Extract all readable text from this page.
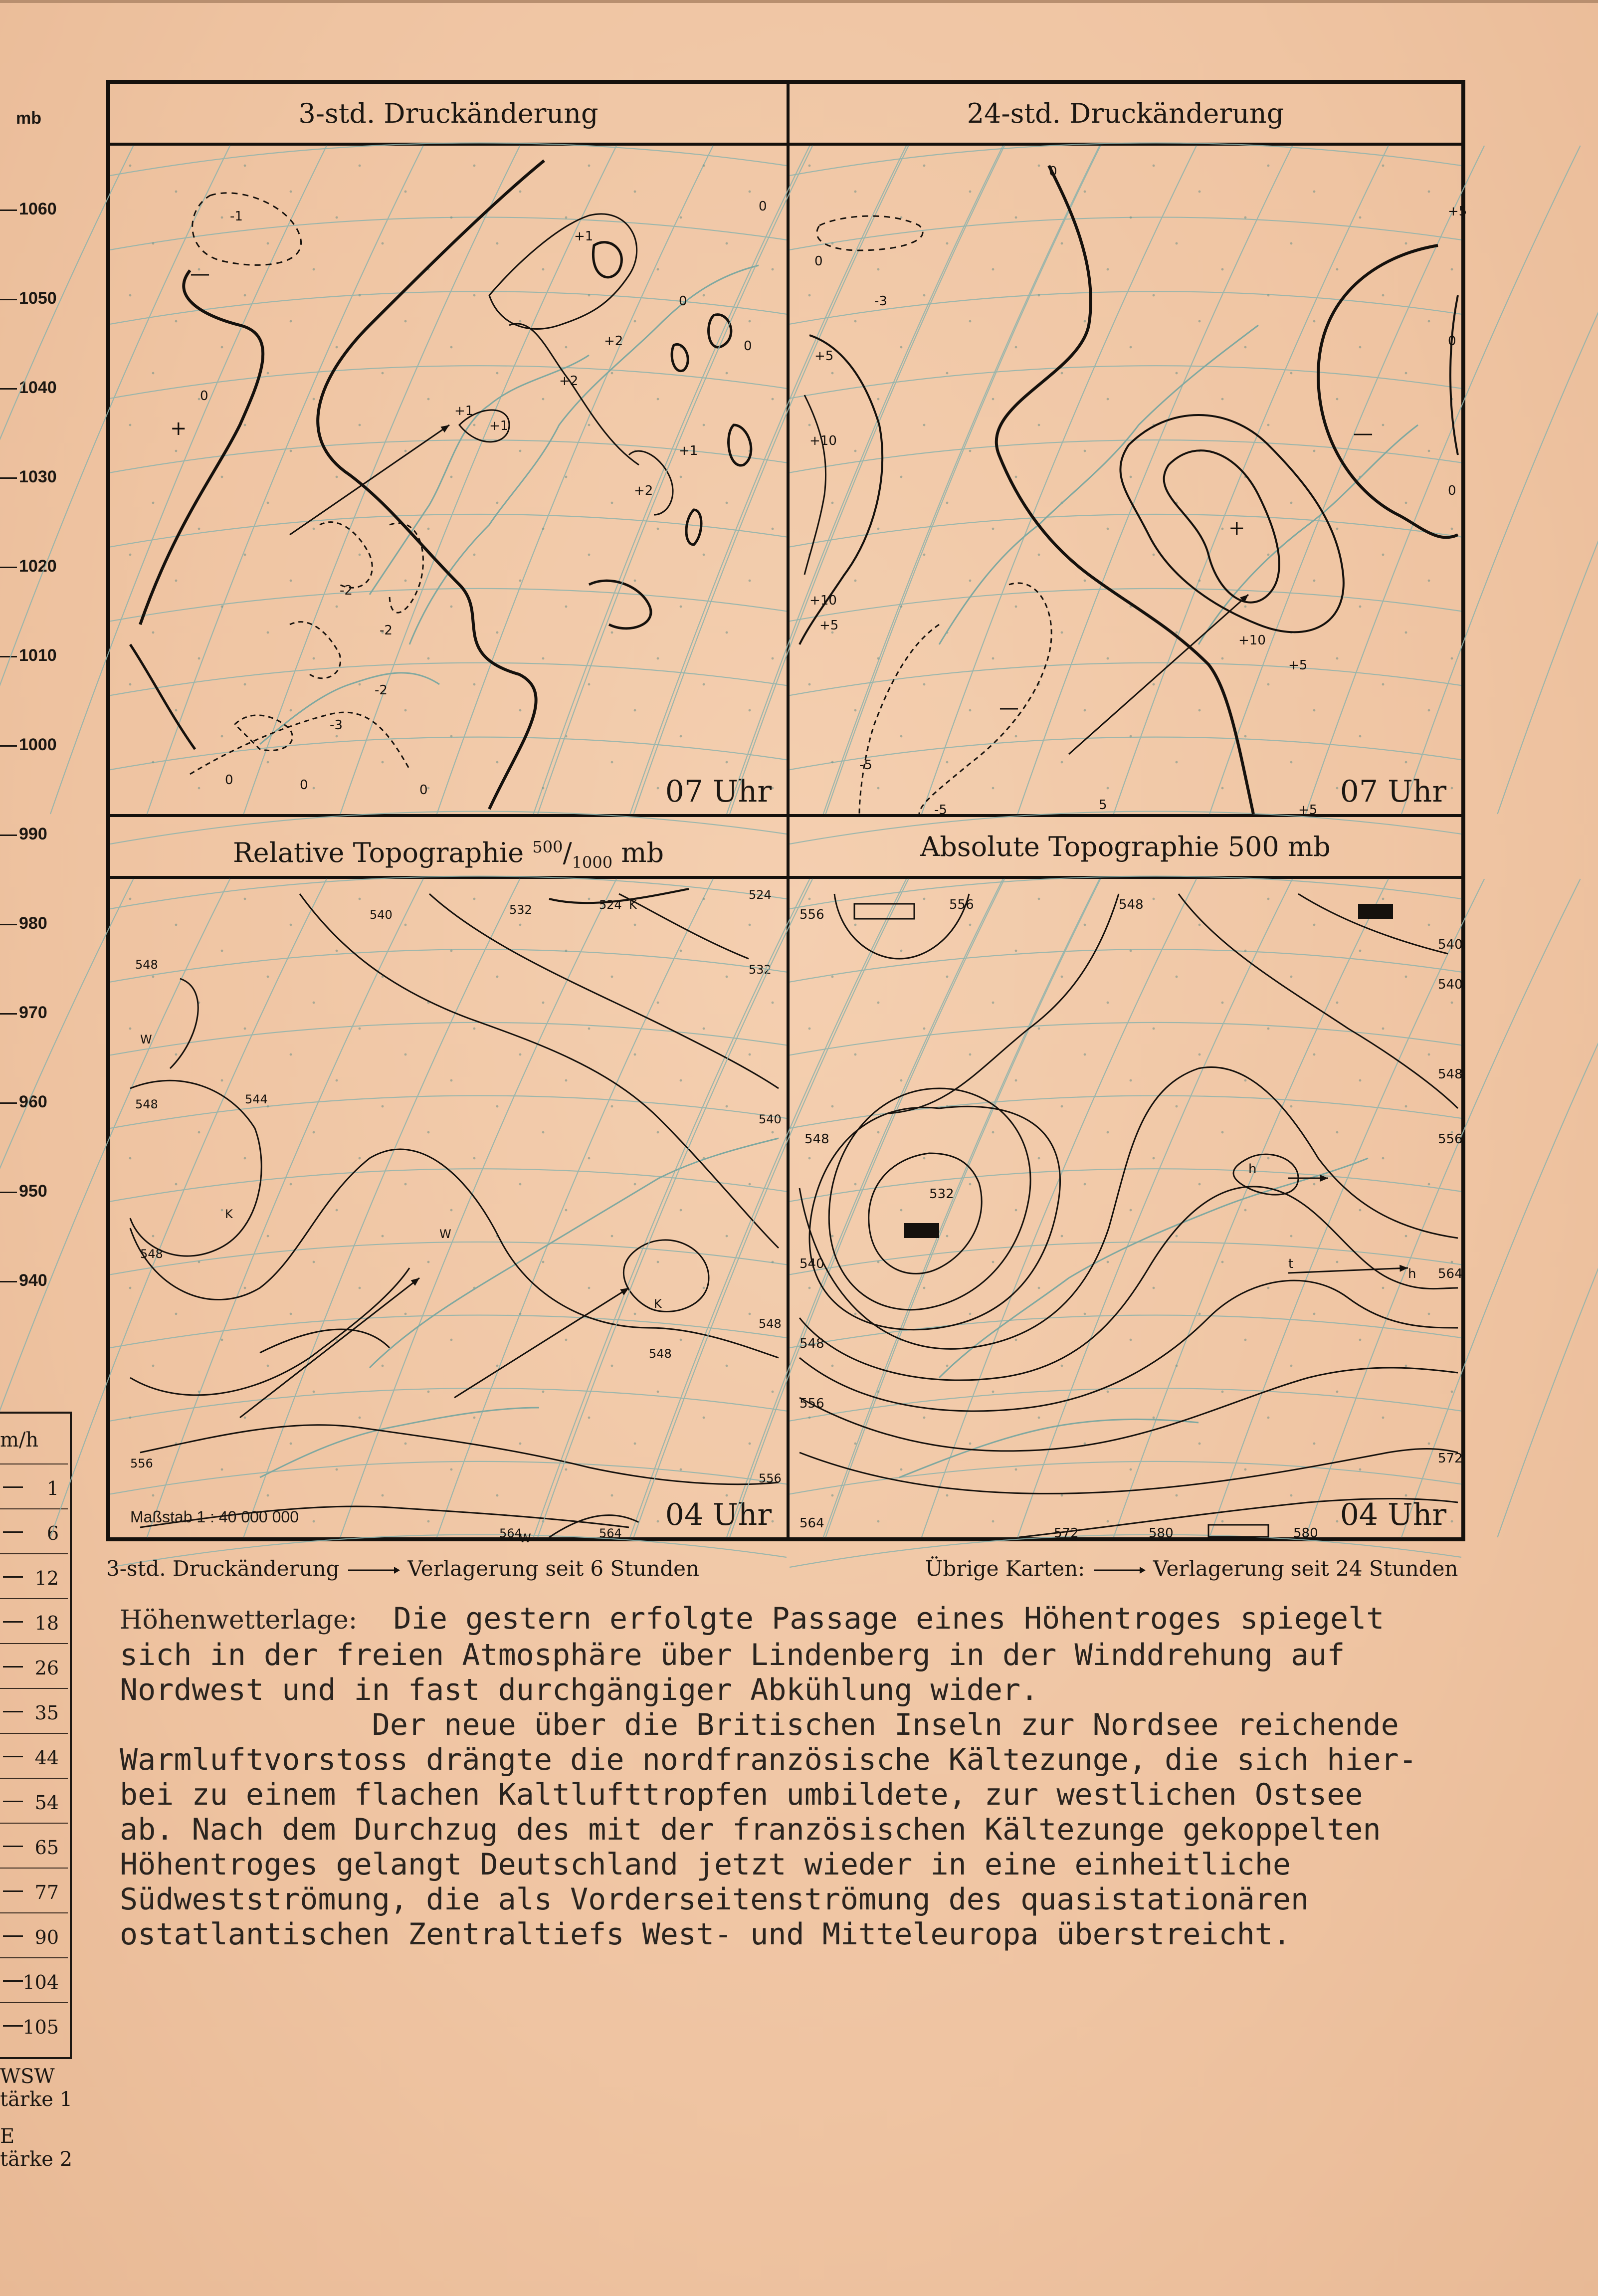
mb
1060
1050
1040
1030
1020
1010
1000
990
980
970
960
950
940
m/h
1
6
12
18
26
35
44
54
65
77
90
104
105
WSW
tärke 1
E
tärke 2
3-std. Druckänderung
-1
+1
+2
+1
+2
-3
-2
-2
-2
+1
+2
+1
0
0
0
0	0
0
0
—
+
07 Uhr
24-std. Druckänderung
-3
-5
+5
+10
+10
+5
+10
+5
-5	5	+5
+5
0
0
0
0
—
—
+
07 Uhr
Relative Topographie $^{500}/_{1000}$ mb
540	532	524
524
532
548
548	544
540
548
548
548
556
556
564	564
W
W
W
K
K
K
Maßstab 1 : 40 000 000	04 Uhr
Absolute Topographie 500 mb
556
556	548
540
540
548
556
548
532
540
548
556
564
564
572
572	580	580
t
h
h
04 Uhr
3-std. Druckänderung	Verlagerung seit 6 Stunden	Übrige Karten:	Verlagerung seit 24 Stunden

Höhenwetterlage:  Die gestern erfolgte Passage eines Höhentroges spiegelt

sich in der freien Atmosphäre über Lindenberg in der Winddrehung auf
Nordwest und in fast durchgängiger Abkühlung wider.

Der neue über die Britischen Inseln zur Nordsee reichende
Warmluftvorstoss drängte die nordfranzösische Kältezunge, die sich hier-
bei zu einem flachen Kaltlufttropfen umbildete, zur westlichen Ostsee
ab. Nach dem Durchzug des mit der französischen Kältezunge gekoppelten
Höhentroges gelangt Deutschland jetzt wieder in eine einheitliche
Südwestströmung, die als Vorderseitenströmung des quasistationären
ostatlantischen Zentraltiefs West- und Mitteleuropa überstreicht.
